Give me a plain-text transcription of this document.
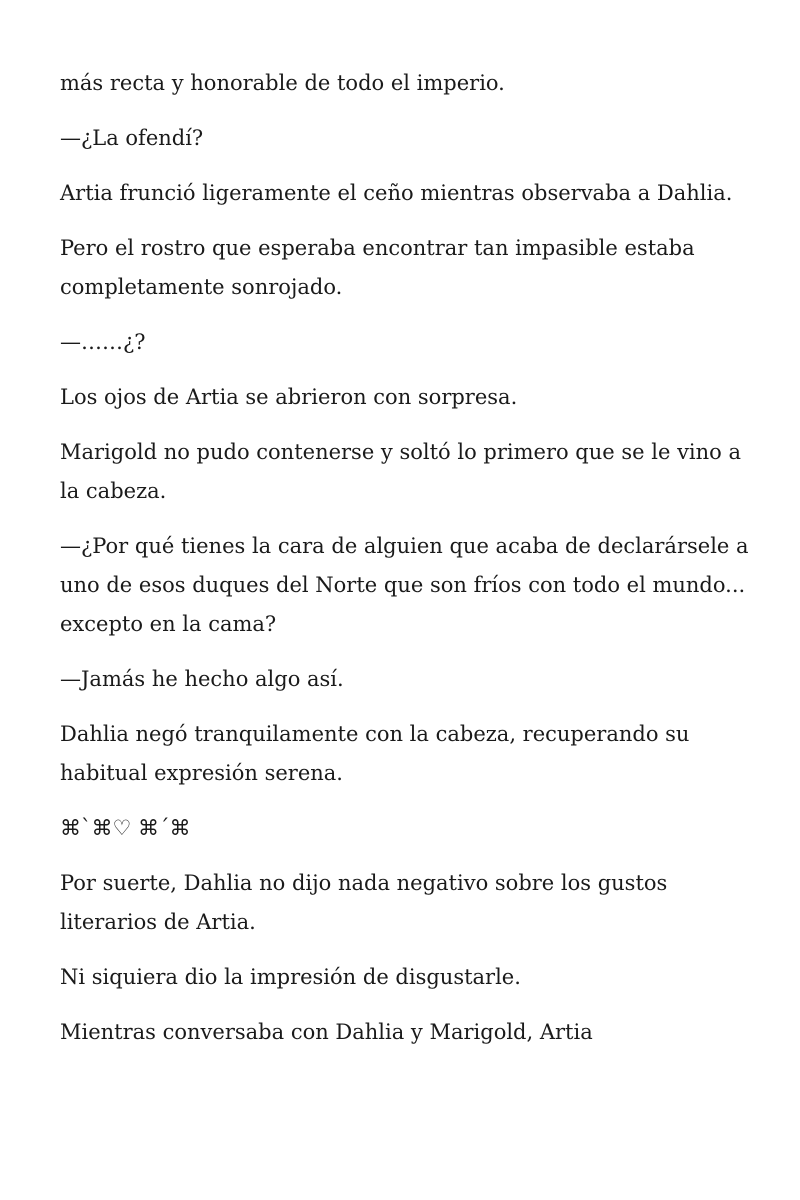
más recta y honorable de todo el imperio.

—¿La ofendí?

Artia frunció ligeramente el ceño mientras observaba a Dahlia.

Pero el rostro que esperaba encontrar tan impasible estaba completamente sonrojado.

—……¿?

Los ojos de Artia se abrieron con sorpresa.

Marigold no pudo contenerse y soltó lo primero que se le vino a la cabeza.

—¿Por qué tienes la cara de alguien que acaba de declarársele a uno de esos duques del Norte que son fríos con todo el mundo... excepto en la cama?

—Jamás he hecho algo así.

Dahlia negó tranquilamente con la cabeza, recuperando su habitual expresión serena.

⌘`⌘♡ ⌘´⌘

Por suerte, Dahlia no dijo nada negativo sobre los gustos literarios de Artia.

Ni siquiera dio la impresión de disgustarle.

Mientras conversaba con Dahlia y Marigold, Artia
